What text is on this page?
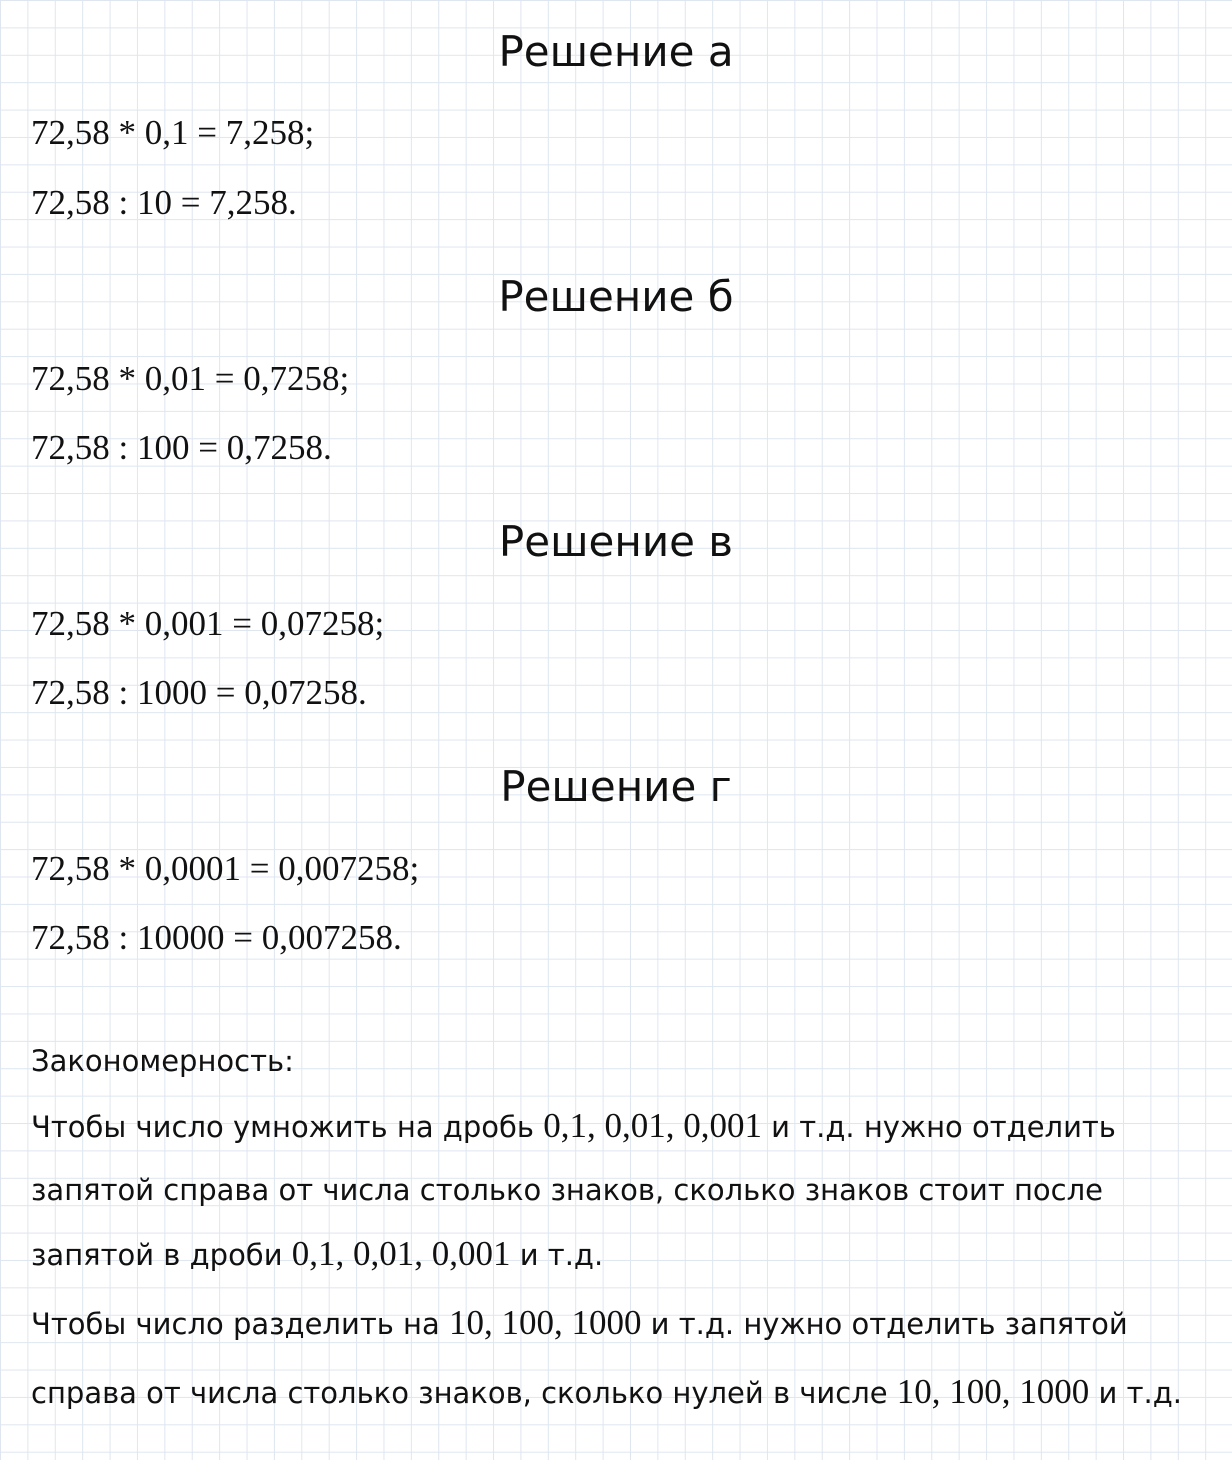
Решение а
72,58 * 0,1 = 7,258;
72,58 : 10 = 7,258.
Решение б
72,58 * 0,01 = 0,7258;
72,58 : 100 = 0,7258.
Решение в
72,58 * 0,001 = 0,07258;
72,58 : 1000 = 0,07258.
Решение г
72,58 * 0,0001 = 0,007258;
72,58 : 10000 = 0,007258.
Закономерность:
Чтобы число умножить на дробь 0,1, 0,01, 0,001 и т.д. нужно отделить
запятой справа от числа столько знаков, сколько знаков стоит после
запятой в дроби 0,1, 0,01, 0,001 и т.д.
Чтобы число разделить на 10, 100, 1000 и т.д. нужно отделить запятой
справа от числа столько знаков, сколько нулей в числе 10, 100, 1000 и т.д.
